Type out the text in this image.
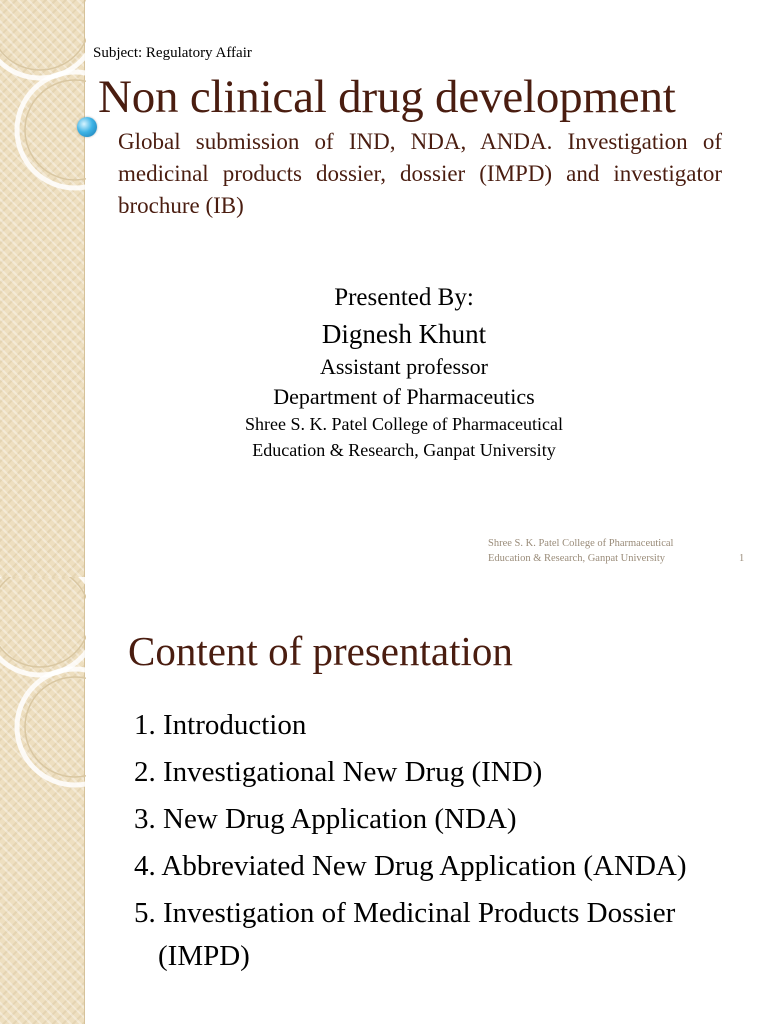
Subject: Regulatory Affair
Non clinical drug development
Global submission of IND, NDA, ANDA. Investigation of medicinal products dossier, dossier (IMPD) and investigator brochure (IB)
Presented By:
Dignesh Khunt
Assistant professor
Department of Pharmaceutics
Shree S. K. Patel College of Pharmaceutical
Education & Research, Ganpat University
Shree S. K. Patel College of Pharmaceutical
Education & Research, Ganpat University	1
Content of presentation
1. Introduction
2. Investigational New Drug (IND)
3. New Drug Application (NDA)
4. Abbreviated New Drug Application (ANDA)
5. Investigation of Medicinal Products Dossier (IMPD)
